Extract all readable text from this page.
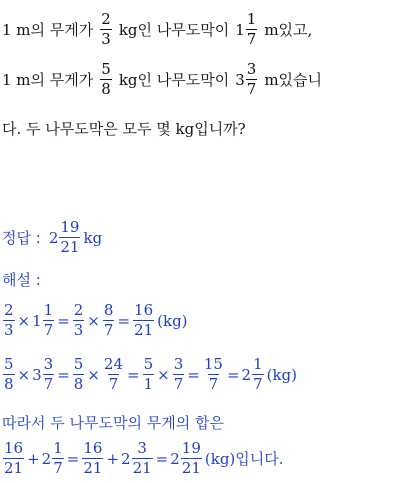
1 m의 무게가 $\frac{2}{3}$ kg인 나무도막이 $1 \frac{1}{7}$ m있고,
1 m의 무게가 $\frac{5}{8}$ kg인 나무도막이 $3 \frac{3}{7}$ m있습니
다. 두 나무도막은 모두 몇 kg입니까?
정답 : $2 \frac{19}{21}$ kg
해설 :
$\frac{2}{3} \times 1 \frac{1}{7} = \frac{2}{3} \times \frac{8}{7} = \frac{16}{21} (kg)$
$\frac{5}{8} \times 3 \frac{3}{7} = \frac{5}{8} \times \frac{24}{7} = \frac{5}{1} \times \frac{3}{7} = \frac{15}{7} = 2 \frac{1}{7} (kg)$
따라서 두 나무도막의 무게의 합은
$\frac{16}{21} + 2 \frac{1}{7} = \frac{16}{21} + 2 \frac{3}{21} = 2 \frac{19}{21} (kg)$ 입니다.
